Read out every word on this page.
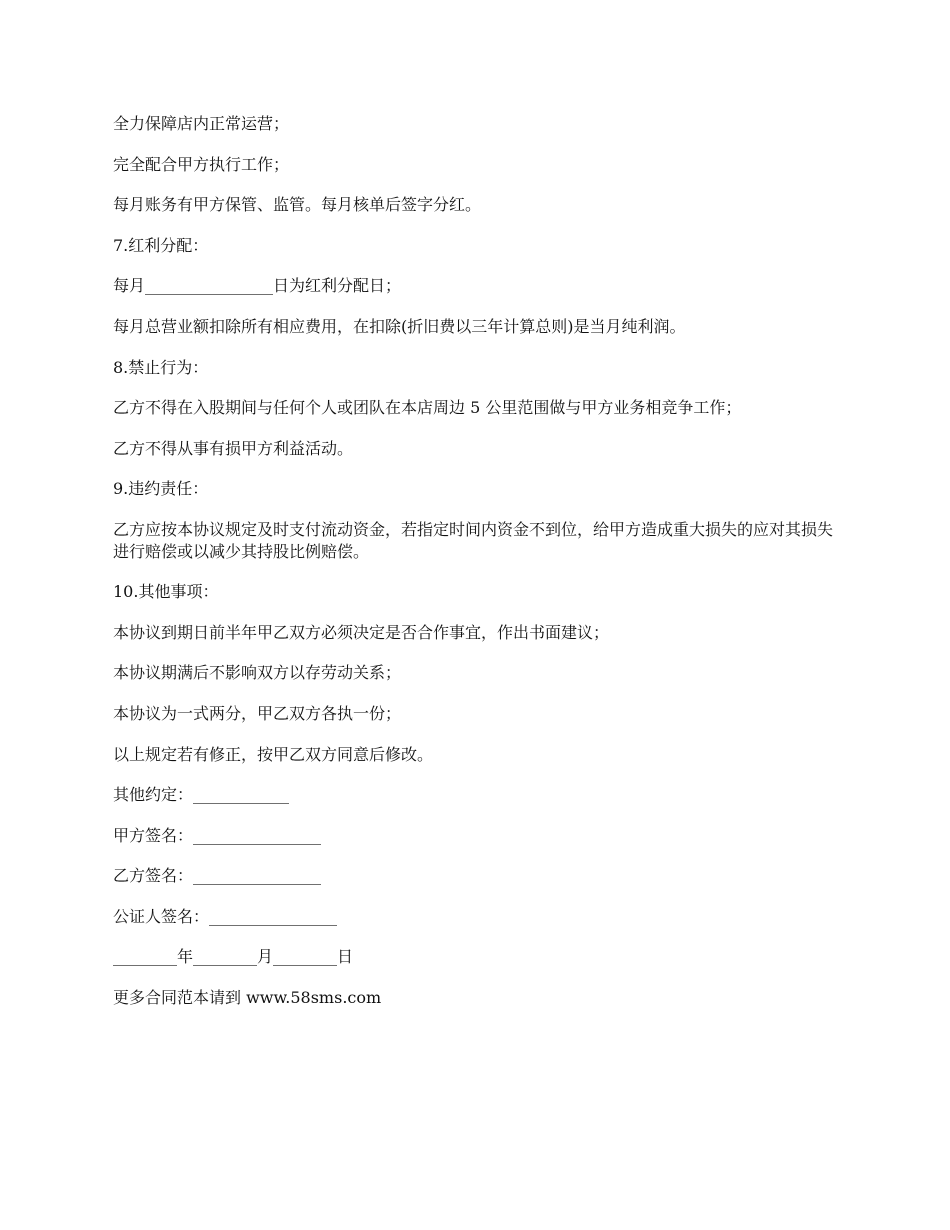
全力保障店内正常运营；

完全配合甲方执行工作；

每月账务有甲方保管、监管。每月核单后签字分红。

7.红利分配：

每月________________日为红利分配日；

每月总营业额扣除所有相应费用，在扣除(折旧费以三年计算总则)是当月纯利润。

8.禁止行为：

乙方不得在入股期间与任何个人或团队在本店周边 5 公里范围做与甲方业务相竞争工作；

乙方不得从事有损甲方利益活动。

9.违约责任：

乙方应按本协议规定及时支付流动资金，若指定时间内资金不到位，给甲方造成重大损失的应对其损失进行赔偿或以减少其持股比例赔偿。

10.其他事项：

本协议到期日前半年甲乙双方必须决定是否合作事宜，作出书面建议；

本协议期满后不影响双方以存劳动关系；

本协议为一式两分，甲乙双方各执一份；

以上规定若有修正，按甲乙双方同意后修改。

其他约定：____________

甲方签名：________________

乙方签名：________________

公证人签名：________________

________年________月________日

更多合同范本请到 www.58sms.com
